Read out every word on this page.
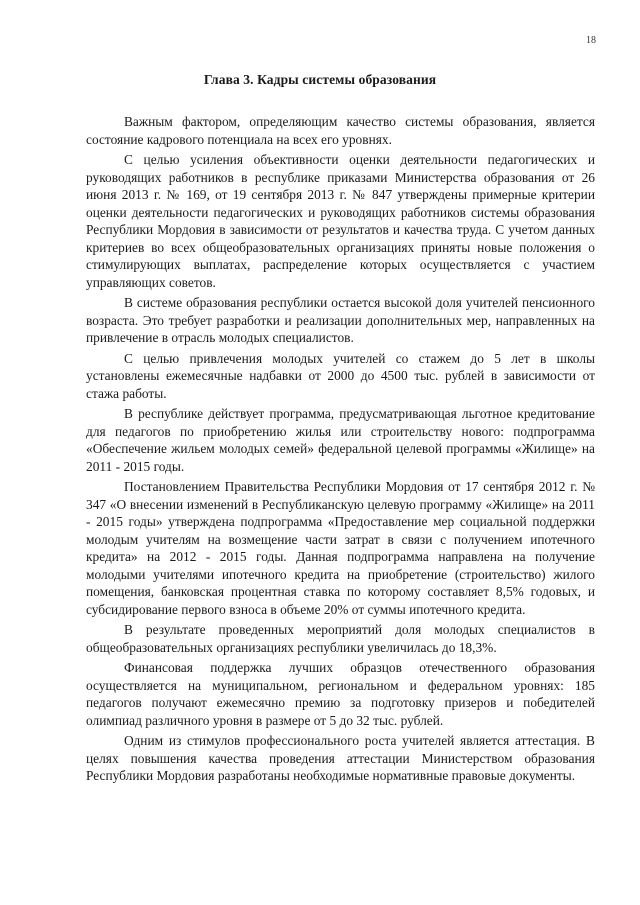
18
Глава 3. Кадры системы образования

Важным фактором, определяющим качество системы образования, является состояние кадрового потенциала на всех его уровнях.

С целью усиления объективности оценки деятельности педагогических и руководящих работников в республике приказами Министерства образования от 26 июня 2013 г. № 169, от 19 сентября 2013 г. № 847 утверждены примерные критерии оценки деятельности педагогических и руководящих работников системы образования Республики Мордовия в зависимости от результатов и качества труда. С учетом данных критериев во всех общеобразовательных организациях приняты новые положения о стимулирующих выплатах, распределение которых осуществляется с участием управляющих советов.

В системе образования республики остается высокой доля учителей пенсионного возраста. Это требует разработки и реализации дополнительных мер, направленных на привлечение в отрасль молодых специалистов.

С целью привлечения молодых учителей со стажем до 5 лет в школы установлены ежемесячные надбавки от 2000 до 4500 тыс. рублей в зависимости от стажа работы.

В республике действует программа, предусматривающая льготное кредитование для педагогов по приобретению жилья или строительству нового: подпрограмма «Обеспечение жильем молодых семей» федеральной целевой программы «Жилище» на 2011 - 2015 годы.

Постановлением Правительства Республики Мордовия от 17 сентября 2012 г. № 347 «О внесении изменений в Республиканскую целевую программу «Жилище» на 2011 - 2015 годы» утверждена подпрограмма «Предоставление мер социальной поддержки молодым учителям на возмещение части затрат в связи с получением ипотечного кредита» на 2012 - 2015 годы. Данная подпрограмма направлена на получение молодыми учителями ипотечного кредита на приобретение (строительство) жилого помещения, банковская процентная ставка по которому составляет 8,5% годовых, и субсидирование первого взноса в объеме 20% от суммы ипотечного кредита.

В результате проведенных мероприятий доля молодых специалистов в общеобразовательных организациях республики увеличилась до 18,3%.

Финансовая поддержка лучших образцов отечественного образования осуществляется на муниципальном, региональном и федеральном уровнях: 185 педагогов получают ежемесячно премию за подготовку призеров и победителей олимпиад различного уровня в размере от 5 до 32 тыс. рублей.

Одним из стимулов профессионального роста учителей является аттестация. В целях повышения качества проведения аттестации Министерством образования Республики Мордовия разработаны необходимые нормативные правовые документы.
